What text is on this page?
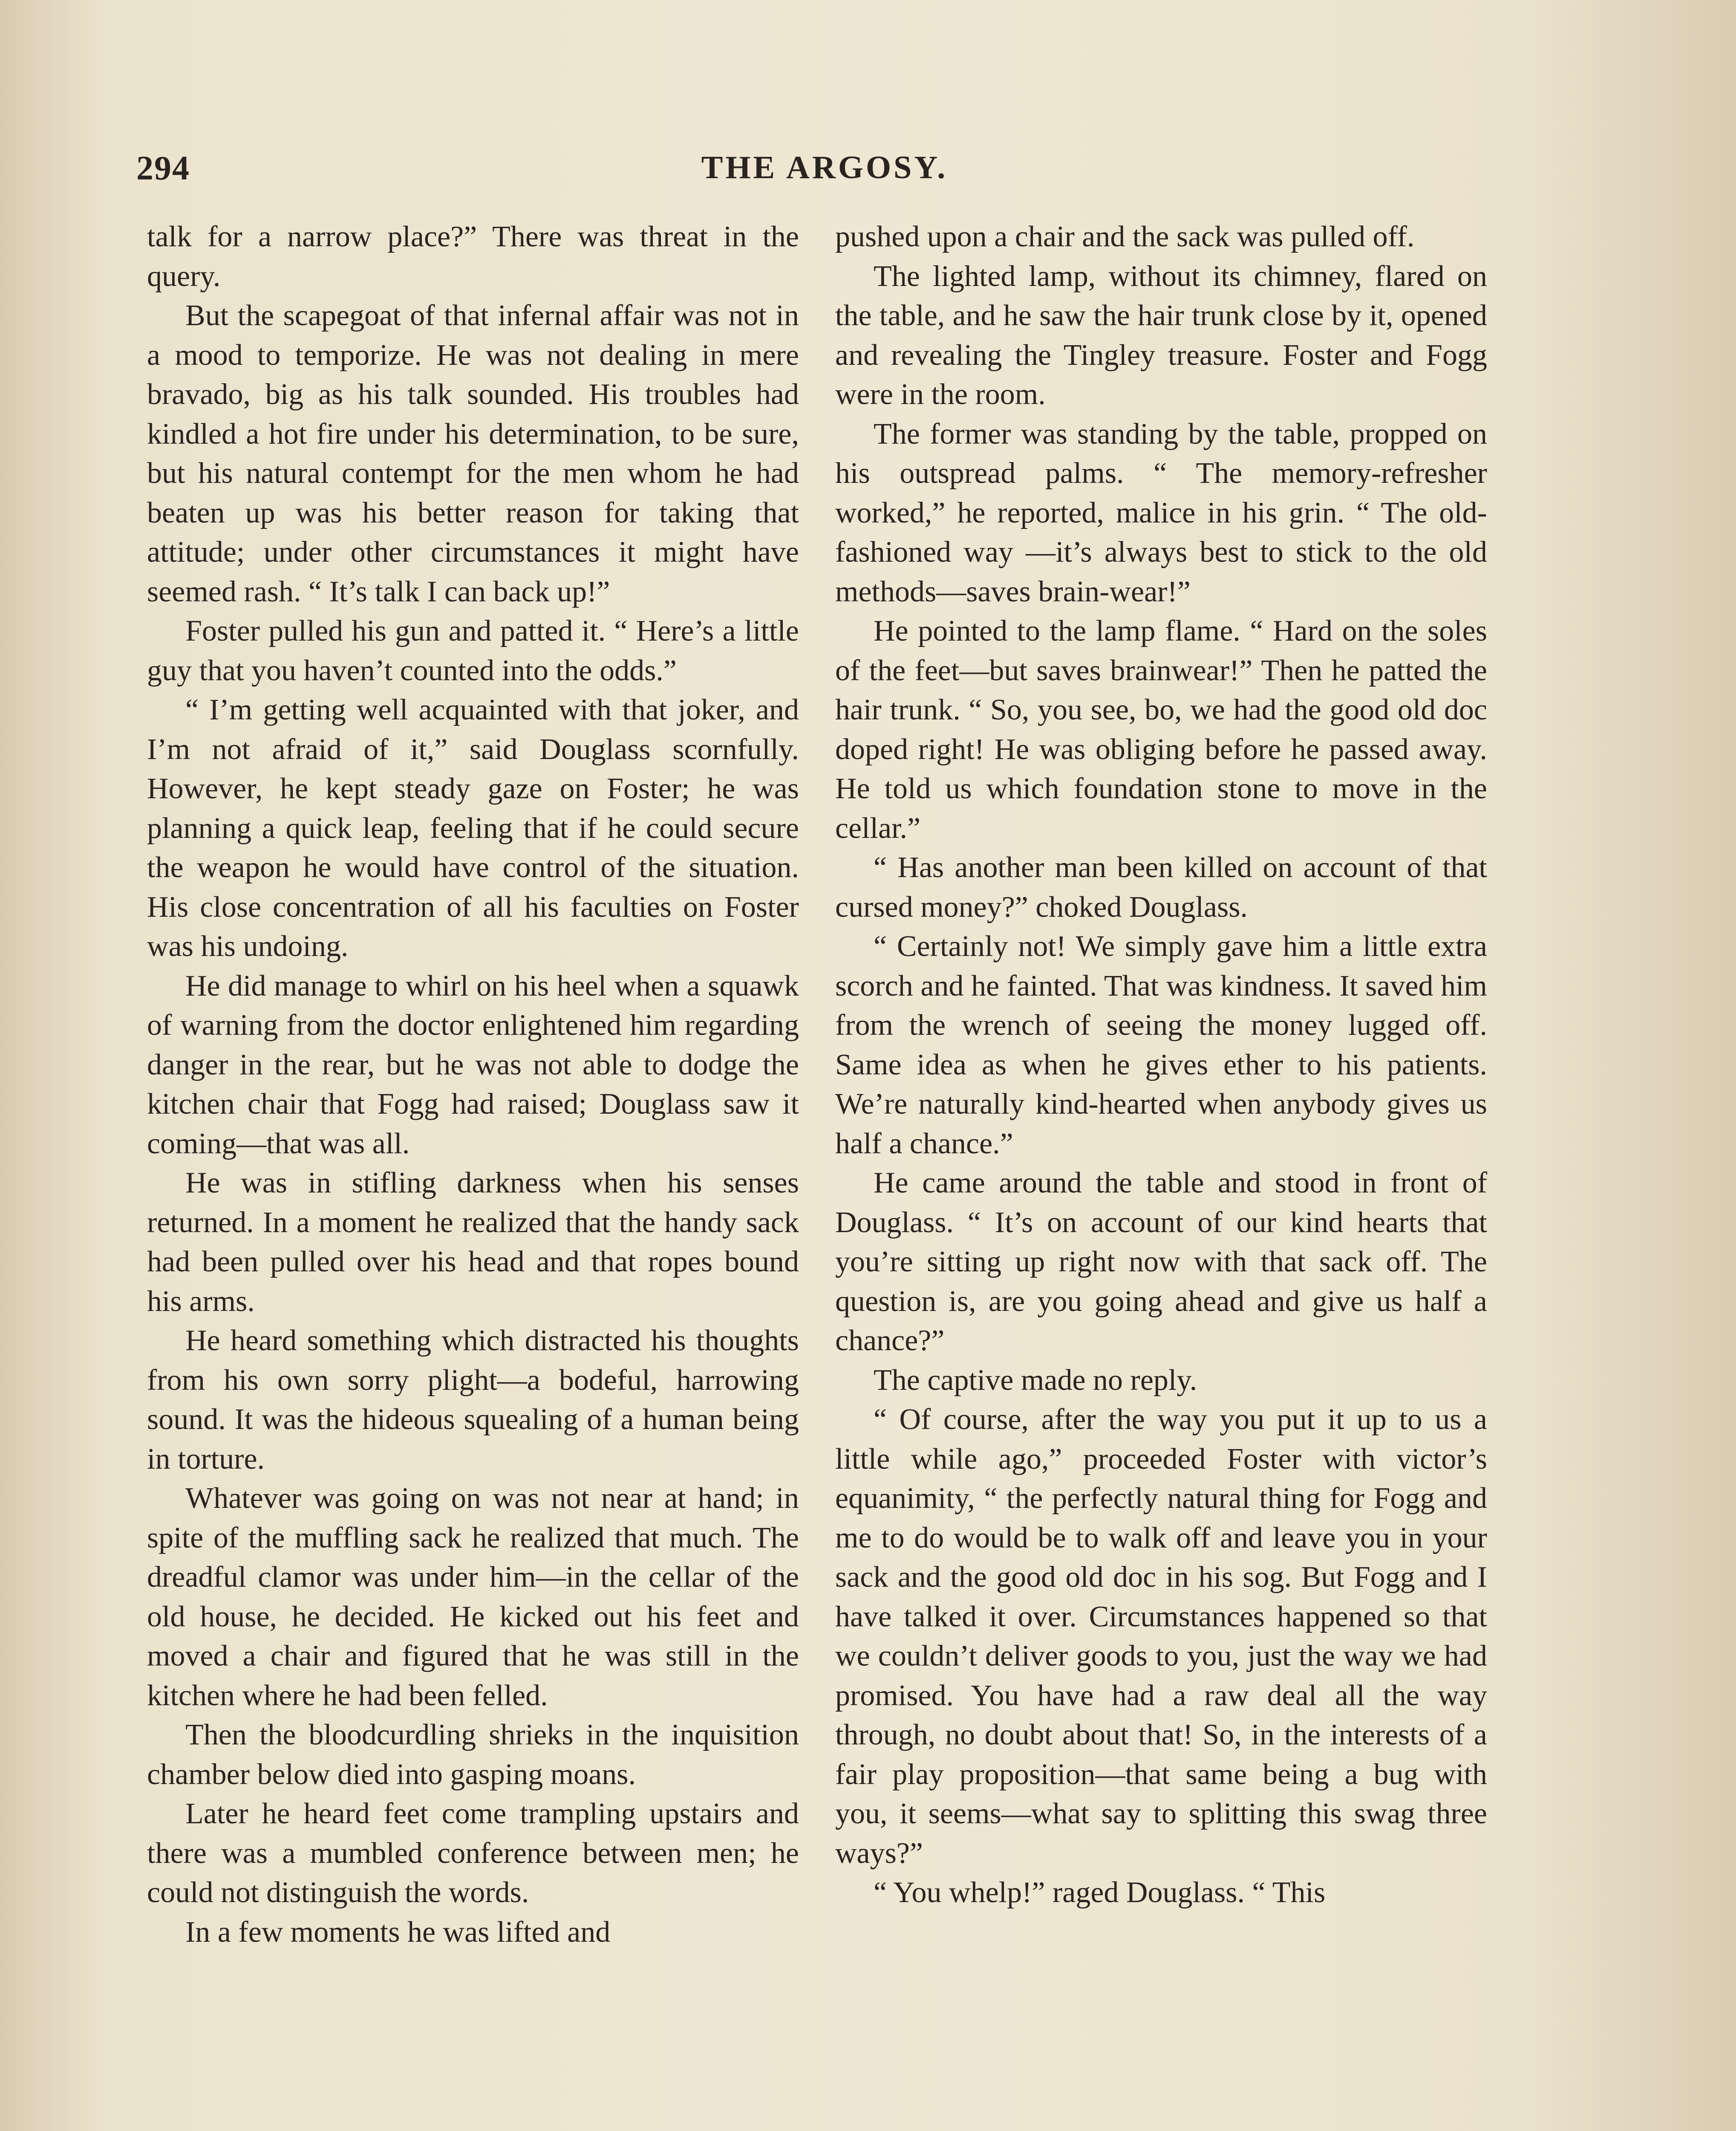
294	THE ARGOSY.

talk for a narrow place?” There was threat in the query.

But the scapegoat of that infernal affair was not in a mood to temporize. He was not dealing in mere bravado, big as his talk sounded. His troubles had kindled a hot fire under his determination, to be sure, but his natural contempt for the men whom he had beaten up was his better reason for taking that attitude; under other circumstances it might have seemed rash. “ It’s talk I can back up!”

Foster pulled his gun and patted it. “ Here’s a little guy that you haven’t counted into the odds.”

“ I’m getting well acquainted with that joker, and I’m not afraid of it,” said Douglass scornfully. However, he kept steady gaze on Foster; he was planning a quick leap, feeling that if he could secure the weapon he would have control of the situation. His close concentration of all his faculties on Foster was his undoing.

He did manage to whirl on his heel when a squawk of warning from the doctor enlightened him regarding danger in the rear, but he was not able to dodge the kitchen chair that Fogg had raised; Douglass saw it coming—that was all.

He was in stifling darkness when his senses returned. In a moment he realized that the handy sack had been pulled over his head and that ropes bound his arms.

He heard something which distracted his thoughts from his own sorry plight—a bodeful, harrowing sound. It was the hideous squealing of a human being in torture.

Whatever was going on was not near at hand; in spite of the muffling sack he realized that much. The dreadful clamor was under him—in the cellar of the old house, he decided. He kicked out his feet and moved a chair and figured that he was still in the kitchen where he had been felled.

Then the bloodcurdling shrieks in the inquisition chamber below died into gasping moans.

Later he heard feet come trampling upstairs and there was a mumbled conference between men; he could not distinguish the words.

In a few moments he was lifted and

pushed upon a chair and the sack was pulled off.

The lighted lamp, without its chimney, flared on the table, and he saw the hair trunk close by it, opened and revealing the Tingley treasure. Foster and Fogg were in the room.

The former was standing by the table, propped on his outspread palms. “ The memory-refresher worked,” he reported, malice in his grin. “ The old-fashioned way —it’s always best to stick to the old methods—saves brain-wear!”

He pointed to the lamp flame. “ Hard on the soles of the feet—but saves brainwear!” Then he patted the hair trunk. “ So, you see, bo, we had the good old doc doped right! He was obliging before he passed away. He told us which foundation stone to move in the cellar.”

“ Has another man been killed on account of that cursed money?” choked Douglass.

“ Certainly not! We simply gave him a little extra scorch and he fainted. That was kindness. It saved him from the wrench of seeing the money lugged off. Same idea as when he gives ether to his patients. We’re naturally kind-hearted when anybody gives us half a chance.”

He came around the table and stood in front of Douglass. “ It’s on account of our kind hearts that you’re sitting up right now with that sack off. The question is, are you going ahead and give us half a chance?”

The captive made no reply.

“ Of course, after the way you put it up to us a little while ago,” proceeded Foster with victor’s equanimity, “ the perfectly natural thing for Fogg and me to do would be to walk off and leave you in your sack and the good old doc in his sog. But Fogg and I have talked it over. Circumstances happened so that we couldn’t deliver goods to you, just the way we had promised. You have had a raw deal all the way through, no doubt about that! So, in the interests of a fair play proposition—that same being a bug with you, it seems—what say to splitting this swag three ways?”

“ You whelp!” raged Douglass. “ This
